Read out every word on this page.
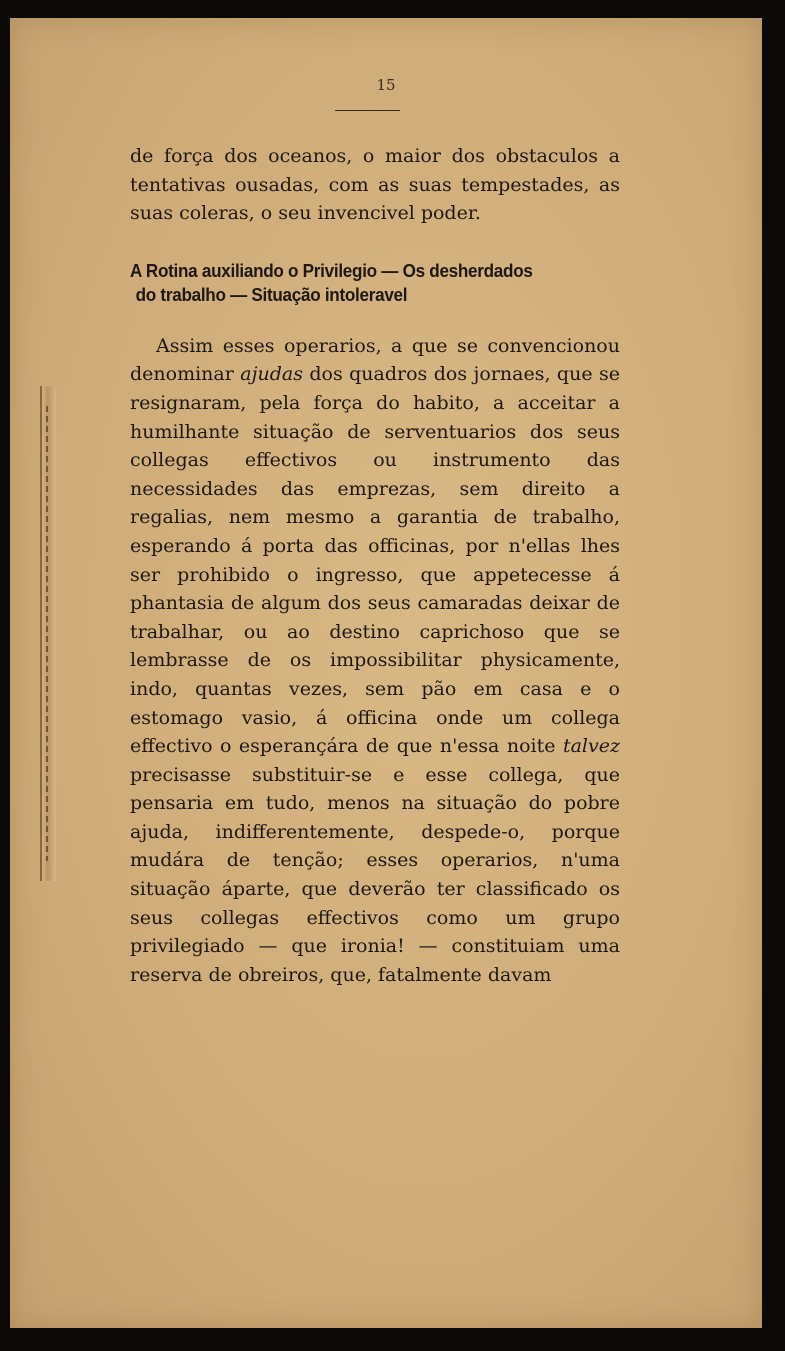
15

de força dos oceanos, o maior dos obstaculos a tentativas ousadas, com as suas tempestades, as suas coleras, o seu invencivel poder.

A Rotina auxiliando o Privilegio — Os desherdados
do trabalho — Situação intoleravel

Assim esses operarios, a que se convencionou denominar ajudas dos quadros dos jornaes, que se resignaram, pela força do habito, a acceitar a humilhante situação de serventuarios dos seus collegas effectivos ou instrumento das necessidades das emprezas, sem direito a regalias, nem mesmo a garantia de trabalho, esperando á porta das officinas, por n'ellas lhes ser prohibido o ingresso, que appetecesse á phantasia de algum dos seus camaradas deixar de trabalhar, ou ao destino caprichoso que se lembrasse de os impossibilitar physicamente, indo, quantas vezes, sem pão em casa e o estomago vasio, á officina onde um collega effectivo o esperançára de que n'essa noite talvez precisasse substituir-se e esse collega, que pensaria em tudo, menos na situação do pobre ajuda, indifferentemente, despede-o, porque mudára de tenção; esses operarios, n'uma situação áparte, que deverão ter classificado os seus collegas effectivos como um grupo privilegiado — que ironia! — constituiam uma reserva de obreiros, que, fatalmente davam
